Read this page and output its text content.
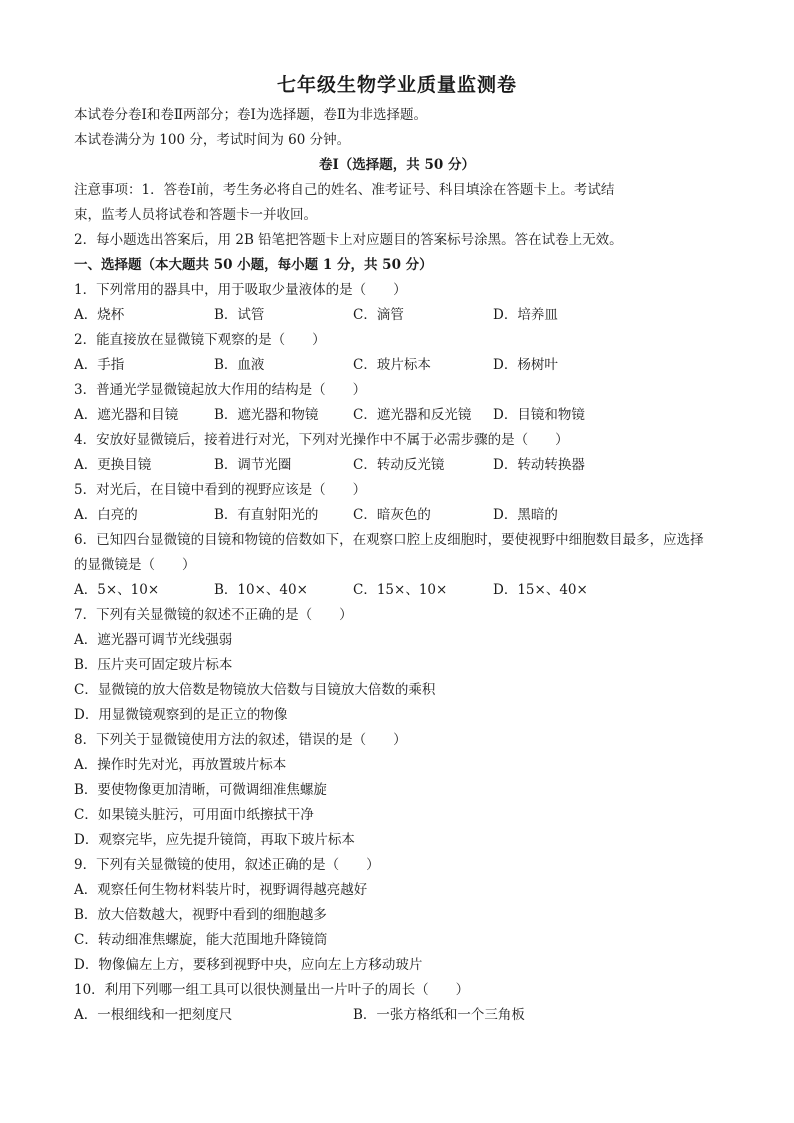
七年级生物学业质量监测卷
本试卷分卷Ⅰ和卷Ⅱ两部分；卷Ⅰ为选择题，卷Ⅱ为非选择题。
本试卷满分为 100 分，考试时间为 60 分钟。
卷Ⅰ（选择题，共 50 分）
注意事项：1．答卷Ⅰ前，考生务必将自己的姓名、准考证号、科目填涂在答题卡上。考试结
束，监考人员将试卷和答题卡一并收回。
2．每小题选出答案后，用 2B 铅笔把答题卡上对应题目的答案标号涂黑。答在试卷上无效。
一、选择题（本大题共 50 小题，每小题 1 分，共 50 分）
1．下列常用的器具中，用于吸取少量液体的是（　　）
A．烧杯	B．试管	C．滴管	D．培养皿
2．能直接放在显微镜下观察的是（　　）
A．手指	B．血液	C．玻片标本	D．杨树叶
3．普通光学显微镜起放大作用的结构是（　　）
A．遮光器和目镜	B．遮光器和物镜	C．遮光器和反光镜 D．目镜和物镜
4．安放好显微镜后，接着进行对光，下列对光操作中不属于必需步骤的是（　　）
A．更换目镜	B．调节光圈	C．转动反光镜	D．转动转换器
5．对光后，在目镜中看到的视野应该是（　　）
A．白亮的	B．有直射阳光的	C．暗灰色的	D．黑暗的
6．已知四台显微镜的目镜和物镜的倍数如下，在观察口腔上皮细胞时，要使视野中细胞数目最多，应选择
的显微镜是（　　）
A．5×、10×	B．10×、40×	C．15×、10×	D．15×、40×
7．下列有关显微镜的叙述不正确的是（　　）
A．遮光器可调节光线强弱
B．压片夹可固定玻片标本
C．显微镜的放大倍数是物镜放大倍数与目镜放大倍数的乘积
D．用显微镜观察到的是正立的物像
8．下列关于显微镜使用方法的叙述，错误的是（　　）
A．操作时先对光，再放置玻片标本
B．要使物像更加清晰，可微调细准焦螺旋
C．如果镜头脏污，可用面巾纸擦拭干净
D．观察完毕，应先提升镜筒，再取下玻片标本
9．下列有关显微镜的使用，叙述正确的是（　　）
A．观察任何生物材料装片时，视野调得越亮越好
B．放大倍数越大，视野中看到的细胞越多
C．转动细准焦螺旋，能大范围地升降镜筒
D．物像偏左上方，要移到视野中央，应向左上方移动玻片
10．利用下列哪一组工具可以很快测量出一片叶子的周长（　　）
A．一根细线和一把刻度尺	B．一张方格纸和一个三角板
